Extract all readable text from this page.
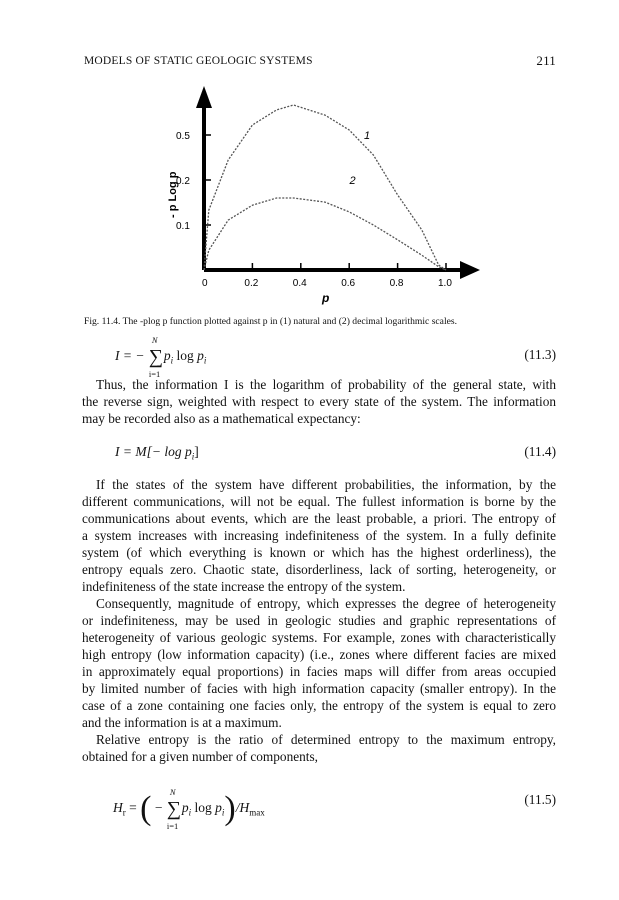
MODELS OF STATIC GEOLOGIC SYSTEMS	211
0	0.2	0.4	0.6	0.8	1.0
0.1
0.2
0.5
p
- p Log p
1
2
Fig. 11.4. The -plog p function plotted against p in (1) natural and (2) decimal logarithmic scales.
I = − ∑
N
i=1
$p_i$ $\log p_i$	(11.3)
$I = M[- \log p_i]$	(11.4)
$H_r$ = ( − ∑
N
i=1
$p_i$ $\log p_i)/H_{max}$
(11.5)
Thus, the information I is the logarithm of probability of the general state, with
the reverse sign, weighted with respect to every state of the system. The information
may be recorded also as a mathematical expectancy:
If the states of the system have different probabilities, the information, by the
different communications, will not be equal. The fullest information is borne by the
communications about events, which are the least probable, a priori. The entropy of
a system increases with increasing indefiniteness of the system. In a fully definite
system (of which everything is known or which has the highest orderliness), the
entropy equals zero. Chaotic state, disorderliness, lack of sorting, heterogeneity, or
indefiniteness of the state increase the entropy of the system.
Consequently, magnitude of entropy, which expresses the degree of heterogeneity
or indefiniteness, may be used in geologic studies and graphic representations of
heterogeneity of various geologic systems. For example, zones with characteristically
high entropy (low information capacity) (i.e., zones where different facies are mixed
in approximately equal proportions) in facies maps will differ from areas occupied
by limited number of facies with high information capacity (smaller entropy). In the
case of a zone containing one facies only, the entropy of the system is equal to zero
and the information is at a maximum.
Relative entropy is the ratio of determined entropy to the maximum entropy,
obtained for a given number of components,
